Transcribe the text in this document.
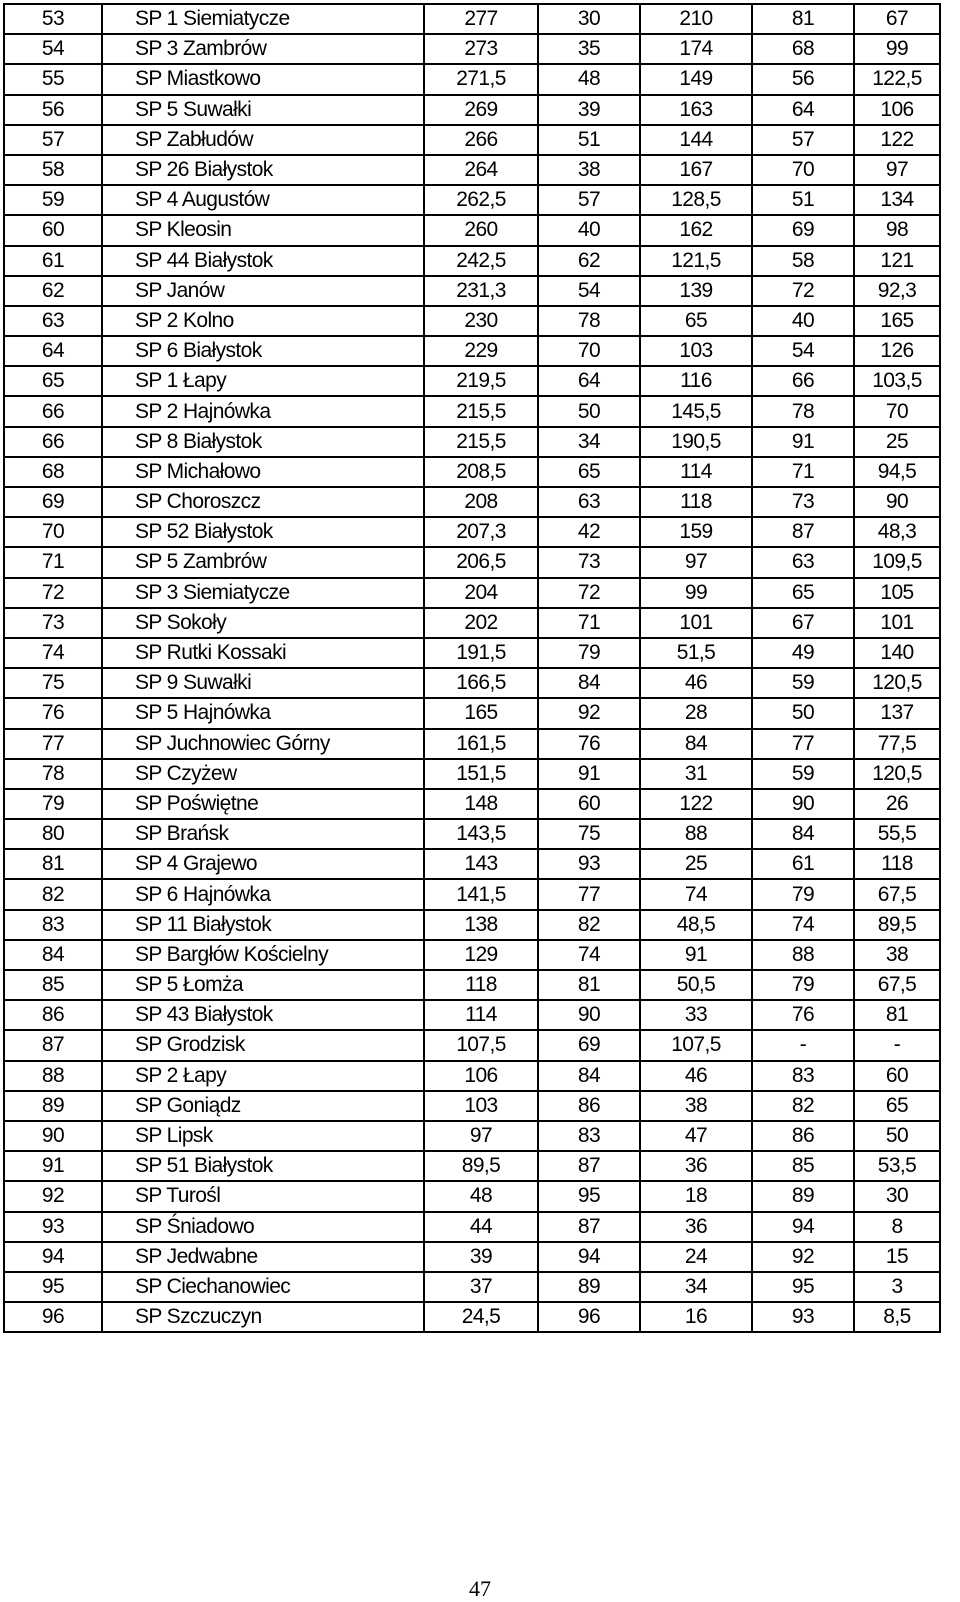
53	SP 1 Siemiatycze	277	30	210	81	67
54	SP 3 Zambrów	273	35	174	68	99
55	SP Miastkowo	271,5	48	149	56	122,5
56	SP 5 Suwałki	269	39	163	64	106
57	SP Zabłudów	266	51	144	57	122
58	SP 26 Białystok	264	38	167	70	97
59	SP 4 Augustów	262,5	57	128,5	51	134
60	SP Kleosin	260	40	162	69	98
61	SP 44 Białystok	242,5	62	121,5	58	121
62	SP Janów	231,3	54	139	72	92,3
63	SP 2 Kolno	230	78	65	40	165
64	SP 6 Białystok	229	70	103	54	126
65	SP 1 Łapy	219,5	64	116	66	103,5
66	SP 2 Hajnówka	215,5	50	145,5	78	70
66	SP 8 Białystok	215,5	34	190,5	91	25
68	SP Michałowo	208,5	65	114	71	94,5
69	SP Choroszcz	208	63	118	73	90
70	SP 52 Białystok	207,3	42	159	87	48,3
71	SP 5 Zambrów	206,5	73	97	63	109,5
72	SP 3 Siemiatycze	204	72	99	65	105
73	SP Sokoły	202	71	101	67	101
74	SP Rutki Kossaki	191,5	79	51,5	49	140
75	SP 9 Suwałki	166,5	84	46	59	120,5
76	SP 5 Hajnówka	165	92	28	50	137
77	SP Juchnowiec Górny	161,5	76	84	77	77,5
78	SP Czyżew	151,5	91	31	59	120,5
79	SP Poświętne	148	60	122	90	26
80	SP Brańsk	143,5	75	88	84	55,5
81	SP 4 Grajewo	143	93	25	61	118
82	SP 6 Hajnówka	141,5	77	74	79	67,5
83	SP 11 Białystok	138	82	48,5	74	89,5
84	SP Bargłów Kościelny	129	74	91	88	38
85	SP 5 Łomża	118	81	50,5	79	67,5
86	SP 43 Białystok	114	90	33	76	81
87	SP Grodzisk	107,5	69	107,5	-	-
88	SP 2 Łapy	106	84	46	83	60
89	SP Goniądz	103	86	38	82	65
90	SP Lipsk	97	83	47	86	50
91	SP 51 Białystok	89,5	87	36	85	53,5
92	SP Turośl	48	95	18	89	30
93	SP Śniadowo	44	87	36	94	8
94	SP Jedwabne	39	94	24	92	15
95	SP Ciechanowiec	37	89	34	95	3
96	SP Szczuczyn	24,5	96	16	93	8,5
47
